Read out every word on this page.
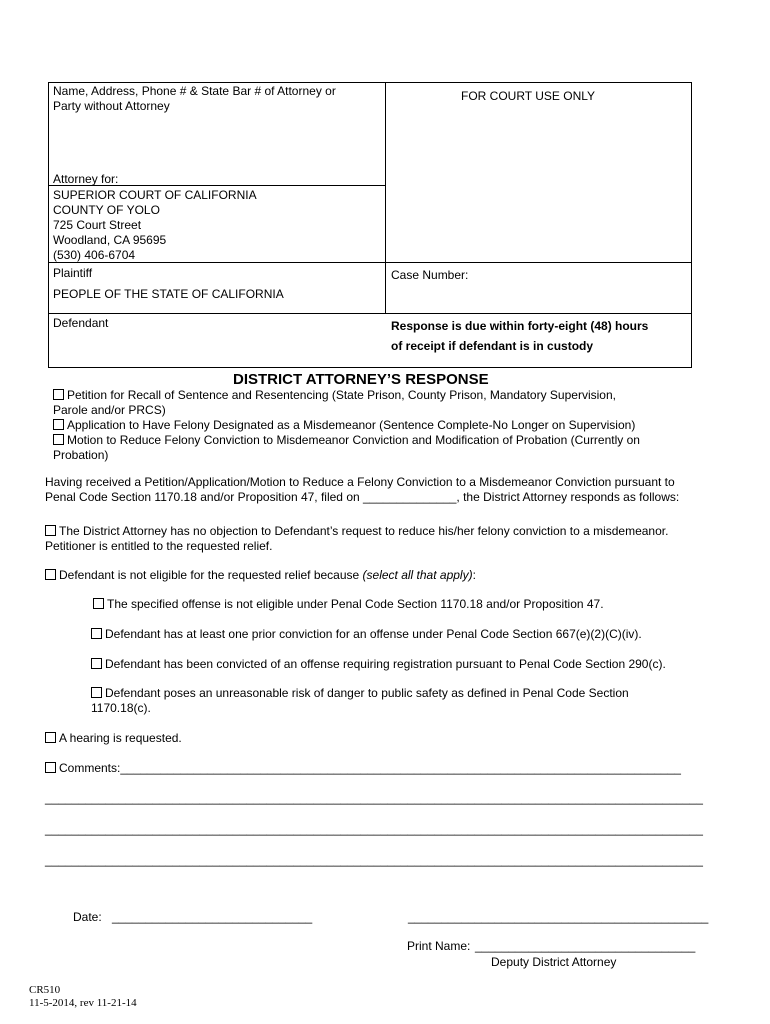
Name, Address, Phone # & State Bar # of Attorney or
Party without Attorney
FOR COURT USE ONLY
Attorney for:
SUPERIOR COURT OF CALIFORNIA
COUNTY OF YOLO
725 Court Street
Woodland, CA 95695
(530) 406-6704
Plaintiff
PEOPLE OF THE STATE OF CALIFORNIA
Case Number:
Defendant	Response is due within forty-eight (48) hours
of receipt if defendant is in custody
DISTRICT ATTORNEY’S RESPONSE
Petition for Recall of Sentence and Resentencing (State Prison, County Prison, Mandatory Supervision,
Parole and/or PRCS)
Application to Have Felony Designated as a Misdemeanor (Sentence Complete-No Longer on Supervision)
Motion to Reduce Felony Conviction to Misdemeanor Conviction and Modification of Probation (Currently on
Probation)
Having received a Petition/Application/Motion to Reduce a Felony Conviction to a Misdemeanor Conviction pursuant to
Penal Code Section 1170.18 and/or Proposition 47, filed on ______________, the District Attorney responds as follows:
The District Attorney has no objection to Defendant’s request to reduce his/her felony conviction to a misdemeanor.
Petitioner is entitled to the requested relief.
Defendant is not eligible for the requested relief because (select all that apply):
The specified offense is not eligible under Penal Code Section 1170.18 and/or Proposition 47.
Defendant has at least one prior conviction for an offense under Penal Code Section 667(e)(2)(C)(iv).
Defendant has been convicted of an offense requiring registration pursuant to Penal Code Section 290(c).
Defendant poses an unreasonable risk of danger to public safety as defined in Penal Code Section
1170.18(c).
A hearing is requested.
Comments:____________________________________________________________________________________
__________________________________________________________________________________________________
__________________________________________________________________________________________________
__________________________________________________________________________________________________
Date: ______________________________	_____________________________________________
Print Name: _________________________________
Deputy District Attorney
CR510
11-5-2014, rev 11-21-14
